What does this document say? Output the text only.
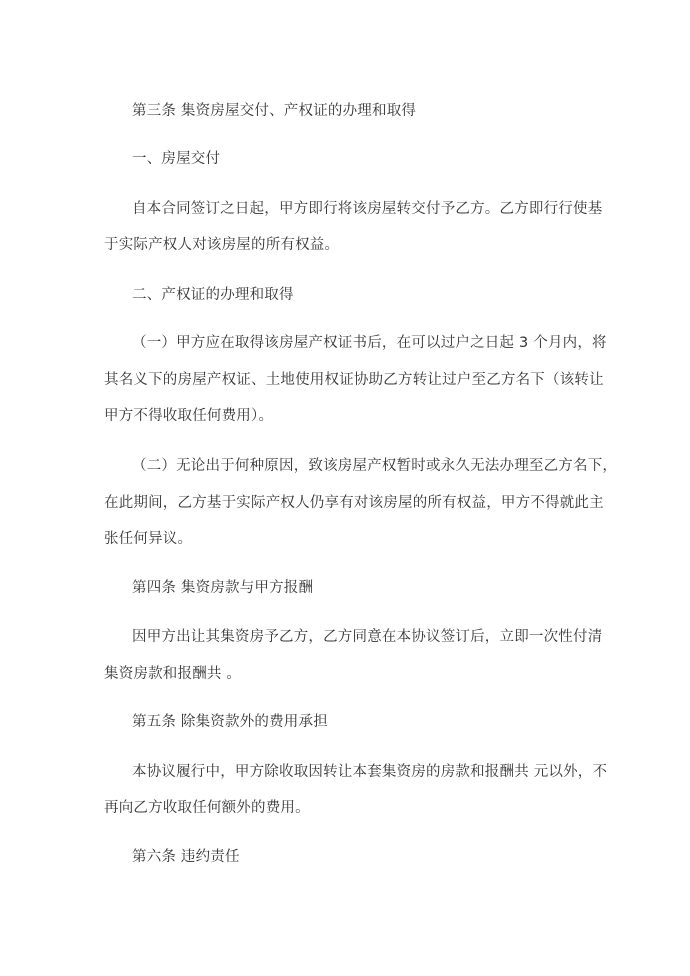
第三条 集资房屋交付、产权证的办理和取得
一、房屋交付
自本合同签订之日起，甲方即行将该房屋转交付予乙方。乙方即行行使基
于实际产权人对该房屋的所有权益。
二、产权证的办理和取得
（一）甲方应在取得该房屋产权证书后，在可以过户之日起 3 个月内，将
其名义下的房屋产权证、土地使用权证协助乙方转让过户至乙方名下（该转让
甲方不得收取任何费用）。
（二）无论出于何种原因，致该房屋产权暂时或永久无法办理至乙方名下，
在此期间，乙方基于实际产权人仍享有对该房屋的所有权益，甲方不得就此主
张任何异议。
第四条 集资房款与甲方报酬
因甲方出让其集资房予乙方，乙方同意在本协议签订后，立即一次性付清
集资房款和报酬共 。
第五条 除集资款外的费用承担
本协议履行中，甲方除收取因转让本套集资房的房款和报酬共 元以外，不
再向乙方收取任何额外的费用。
第六条 违约责任
